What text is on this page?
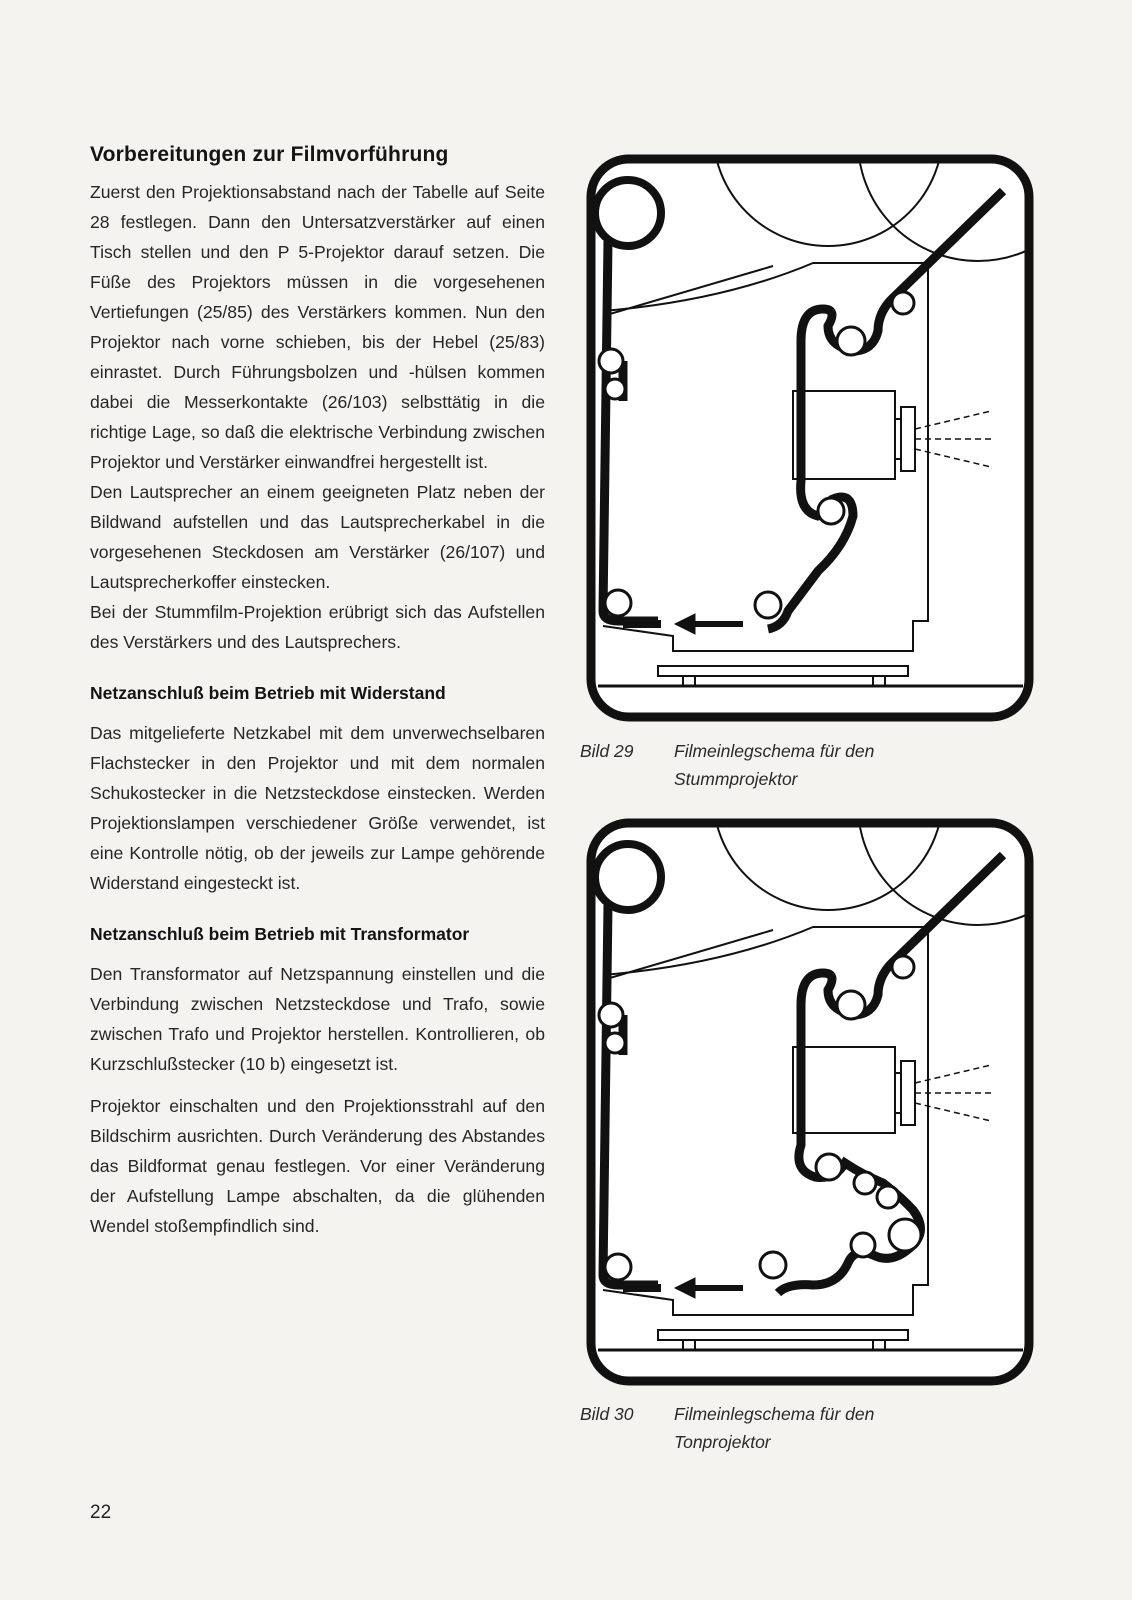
Vorbereitungen zur Filmvorführung

Zuerst den Projektionsabstand nach der Tabelle auf Seite 28 festlegen. Dann den Untersatzverstärker auf einen Tisch stellen und den P 5-Projektor darauf setzen. Die Füße des Projektors müssen in die vorgesehenen Vertiefungen (25/85) des Verstärkers kommen. Nun den Projektor nach vorne schieben, bis der Hebel (25/83) einrastet. Durch Führungsbolzen und -hülsen kommen dabei die Messerkontakte (26/103) selbsttätig in die richtige Lage, so daß die elektrische Verbindung zwischen Projektor und Verstärker einwandfrei hergestellt ist.

Den Lautsprecher an einem geeigneten Platz neben der Bildwand aufstellen und das Lautsprecherkabel in die vorgesehenen Steckdosen am Verstärker (26/107) und Lautsprecherkoffer einstecken.

Bei der Stummfilm-Projektion erübrigt sich das Aufstellen des Verstärkers und des Lautsprechers.

Netzanschluß beim Betrieb mit Widerstand

Das mitgelieferte Netzkabel mit dem unverwechselbaren Flachstecker in den Projektor und mit dem normalen Schukostecker in die Netzsteckdose einstecken. Werden Projektionslampen verschiedener Größe verwendet, ist eine Kontrolle nötig, ob der jeweils zur Lampe gehörende Widerstand eingesteckt ist.

Netzanschluß beim Betrieb mit Transformator

Den Transformator auf Netzspannung einstellen und die Verbindung zwischen Netzsteckdose und Trafo, sowie zwischen Trafo und Projektor herstellen. Kontrollieren, ob Kurzschlußstecker (10 b) eingesetzt ist.

Projektor einschalten und den Projektionsstrahl auf den Bildschirm ausrichten. Durch Veränderung des Abstandes das Bildformat genau festlegen. Vor einer Veränderung der Aufstellung Lampe abschalten, da die glühenden Wendel stoßempfindlich sind.

Bild 29 Filmeinlegschema für den
Stummprojektor
Bild 30 Filmeinlegschema für den
Tonprojektor
22
